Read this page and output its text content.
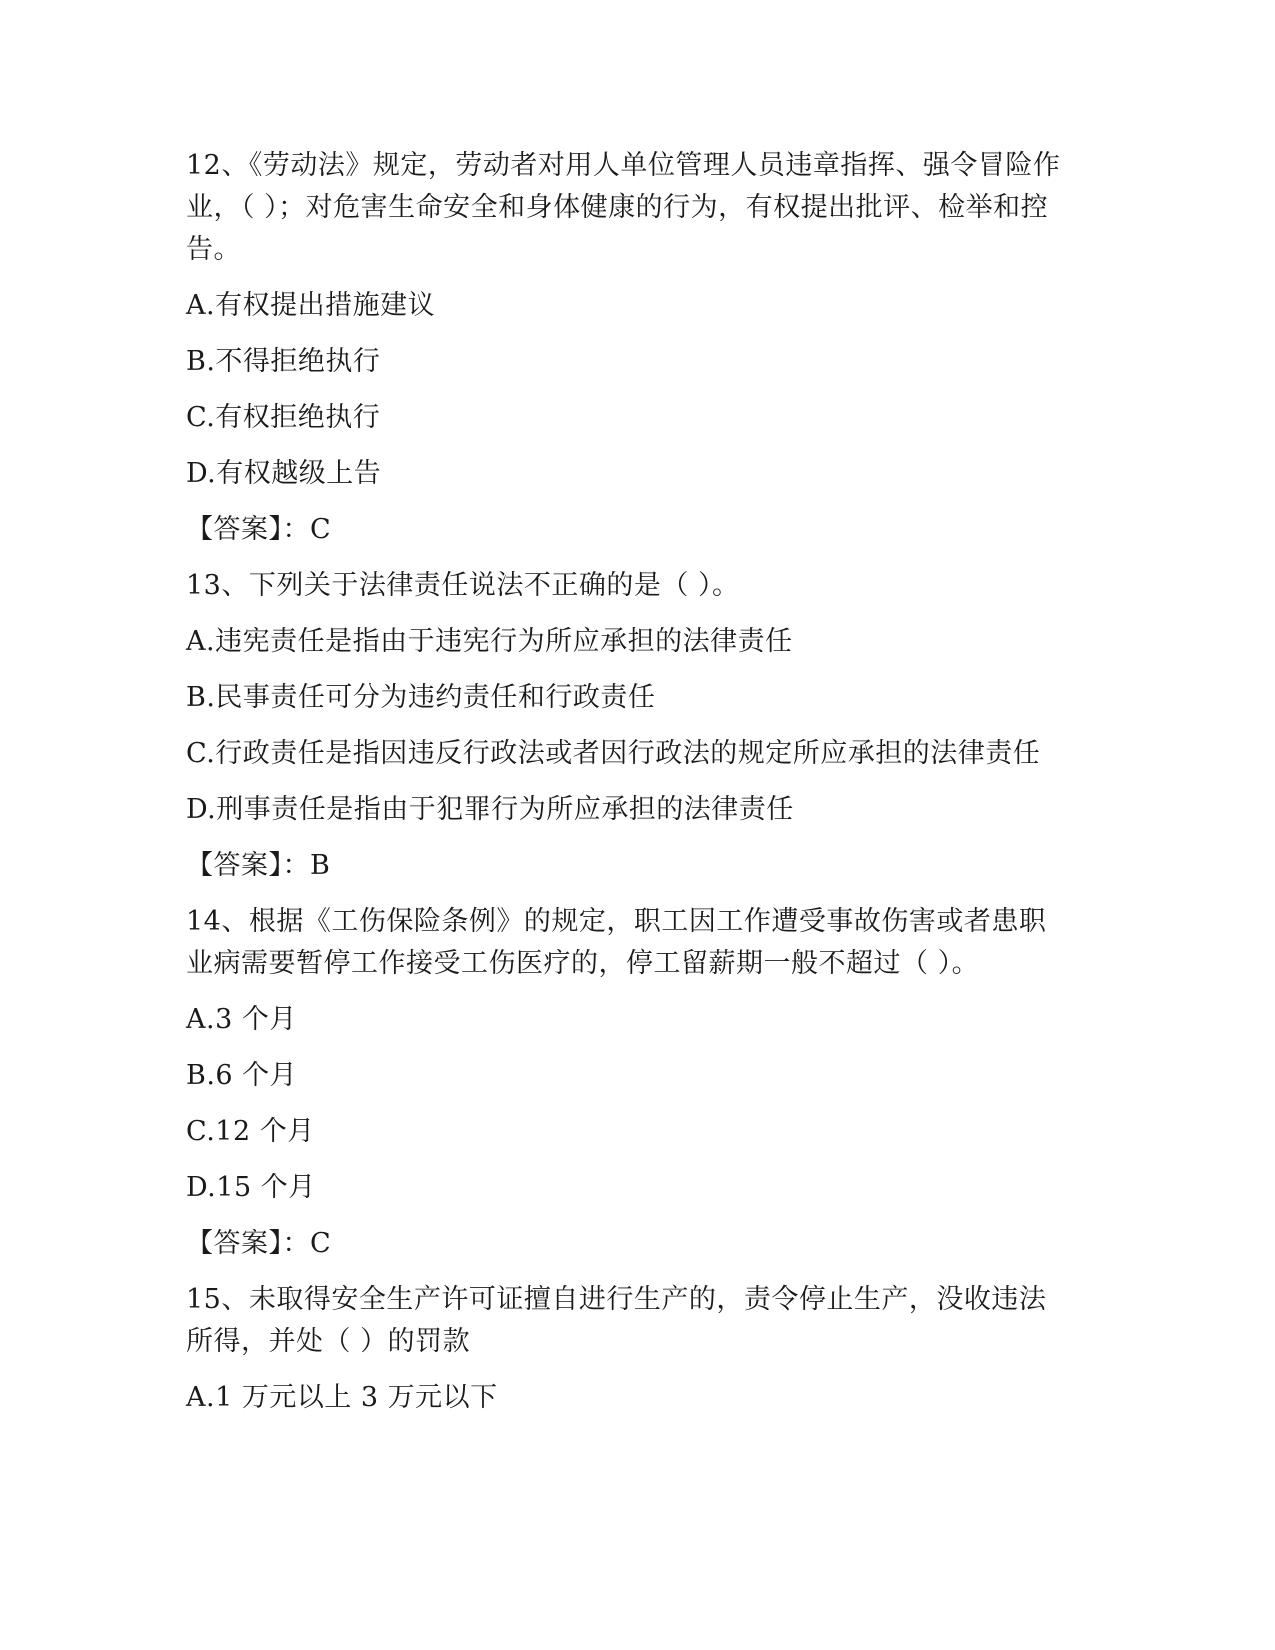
12、《劳动法》规定，劳动者对用人单位管理人员违章指挥、强令冒险作业，（ ）；对危害生命安全和身体健康的行为，有权提出批评、检举和控告。

A.有权提出措施建议

B.不得拒绝执行

C.有权拒绝执行

D.有权越级上告

【答案】：C

13、下列关于法律责任说法不正确的是（ ）。

A.违宪责任是指由于违宪行为所应承担的法律责任

B.民事责任可分为违约责任和行政责任

C.行政责任是指因违反行政法或者因行政法的规定所应承担的法律责任

D.刑事责任是指由于犯罪行为所应承担的法律责任

【答案】：B

14、根据《工伤保险条例》的规定，职工因工作遭受事故伤害或者患职业病需要暂停工作接受工伤医疗的，停工留薪期一般不超过（ ）。

A.3 个月

B.6 个月

C.12 个月

D.15 个月

【答案】：C

15、未取得安全生产许可证擅自进行生产的，责令停止生产，没收违法所得，并处（ ）的罚款

A.1 万元以上 3 万元以下
